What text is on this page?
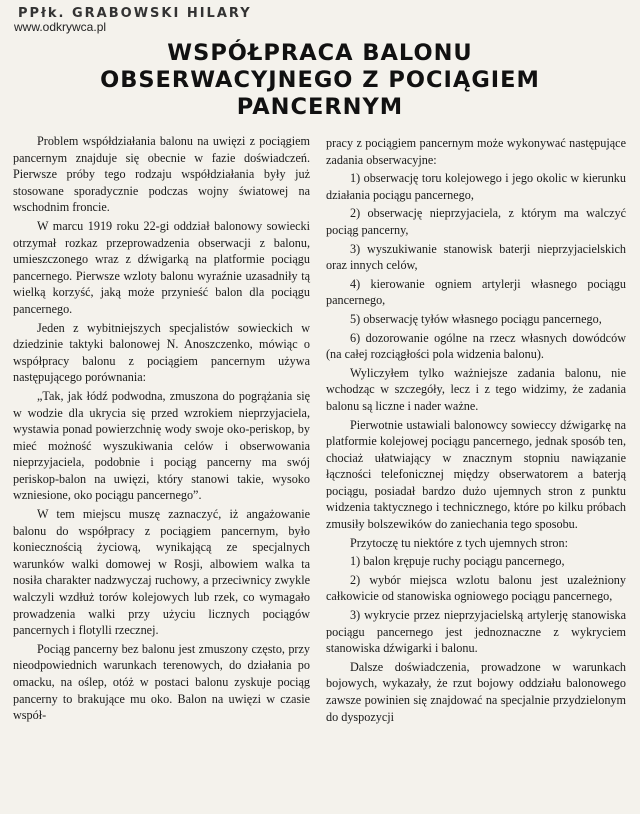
PPłk. GRABOWSKI HILARY
www.odkrywca.pl
WSPÓŁPRACA BALONU
OBSERWACYJNEGO Z POCIĄGIEM
PANCERNYM

Problem współdziałania balonu na uwięzi z pociągiem pancernym znajduje się obecnie w fazie doświadczeń. Pierwsze próby tego rodzaju współdziałania były już stosowane sporadycznie podczas wojny światowej na wschodnim froncie.

W marcu 1919 roku 22-gi oddział balonowy sowiecki otrzymał rozkaz przeprowadzenia obserwacji z balonu, umieszczonego wraz z dźwigarką na platformie pociągu pancernego. Pierwsze wzloty balonu wyraźnie uzasadniły tą wielką korzyść, jaką może przynieść balon dla pociągu pancernego.

Jeden z wybitniejszych specjalistów sowieckich w dziedzinie taktyki balonowej N. Anoszczenko, mówiąc o współpracy balonu z pociągiem pancernym używa następującego porównania:

„Tak, jak łódź podwodna, zmuszona do pogrążania się w wodzie dla ukrycia się przed wzrokiem nieprzyjaciela, wystawia ponad powierzchnię wody swoje oko-periskop, by mieć możność wyszukiwania celów i obserwowania nieprzyjaciela, podobnie i pociąg pancerny ma swój periskop-balon na uwięzi, który stanowi takie, wysoko wzniesione, oko pociągu pancernego”.

W tem miejscu muszę zaznaczyć, iż angażowanie balonu do współpracy z pociągiem pancernym, było koniecznością życiową, wynikającą ze specjalnych warunków walki domowej w Rosji, albowiem walka ta nosiła charakter nadzwyczaj ruchowy, a przeciwnicy zwykle walczyli wzdłuż torów kolejowych lub rzek, co wymagało prowadzenia walki przy użyciu licznych pociągów pancernych i flotylli rzecznej.

Pociąg pancerny bez balonu jest zmuszony często, przy nieodpowiednich warunkach terenowych, do działania po omacku, na oślep, otóż w postaci balonu zyskuje pociąg pancerny to brakujące mu oko. Balon na uwięzi w czasie współ-

pracy z pociągiem pancernym może wykonywać następujące zadania obserwacyjne:

1) obserwację toru kolejowego i jego okolic w kierunku działania pociągu pancernego,

2) obserwację nieprzyjaciela, z którym ma walczyć pociąg pancerny,

3) wyszukiwanie stanowisk baterji nieprzyjacielskich oraz innych celów,

4) kierowanie ogniem artylerji własnego pociągu pancernego,

5) obserwację tyłów własnego pociągu pancernego,

6) dozorowanie ogólne na rzecz własnych dowódców (na całej rozciągłości pola widzenia balonu).

Wyliczyłem tylko ważniejsze zadania balonu, nie wchodząc w szczegóły, lecz i z tego widzimy, że zadania balonu są liczne i nader ważne.

Pierwotnie ustawiali balonowcy sowieccy dźwigarkę na platformie kolejowej pociągu pancernego, jednak sposób ten, chociaż ułatwiający w znacznym stopniu nawiązanie łączności telefonicznej między obserwatorem a baterją pociągu, posiadał bardzo dużo ujemnych stron z punktu widzenia taktycznego i technicznego, które po kilku próbach zmusiły bolszewików do zaniechania tego sposobu.

Przytoczę tu niektóre z tych ujemnych stron:

1) balon krępuje ruchy pociągu pancernego,

2) wybór miejsca wzlotu balonu jest uzależniony całkowicie od stanowiska ogniowego pociągu pancernego,

3) wykrycie przez nieprzyjacielską artylerję stanowiska pociągu pancernego jest jednoznaczne z wykryciem stanowiska dźwigarki i balonu.

Dalsze doświadczenia, prowadzone w warunkach bojowych, wykazały, że rzut bojowy oddziału balonowego zawsze powinien się znajdować na specjalnie przydzielonym do dyspozycji
